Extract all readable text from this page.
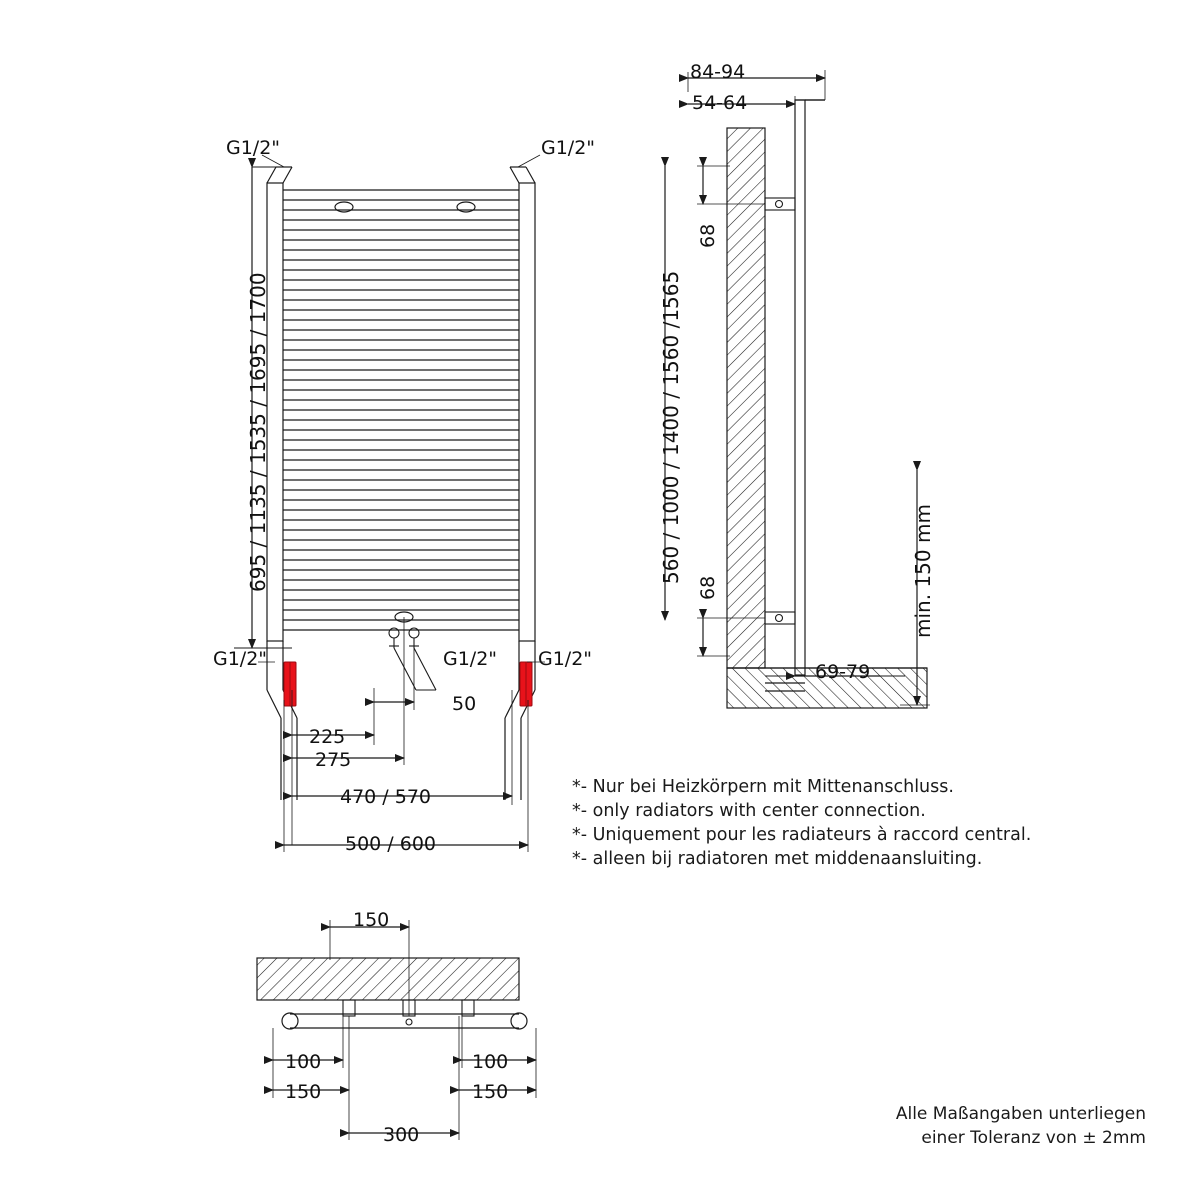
G1/2"	G1/2"
G1/2"	G1/2" G1/2"
695 / 1135 / 1535 / 1695 / 1700
50
225
275
470 / 570
500 / 600
84-94
54-64
68
68
560 / 1000 / 1400 / 1560 /1565	min. 150 mm
69-79
150
100
150
100
150
300
*- Nur bei Heizkörpern mit Mittenanschluss.
*- only radiators with center connection.
*- Uniquement pour les radiateurs à raccord central.
*- alleen bij radiatoren met middenaansluiting.
Alle Maßangaben unterliegen
einer Toleranz von ± 2mm
